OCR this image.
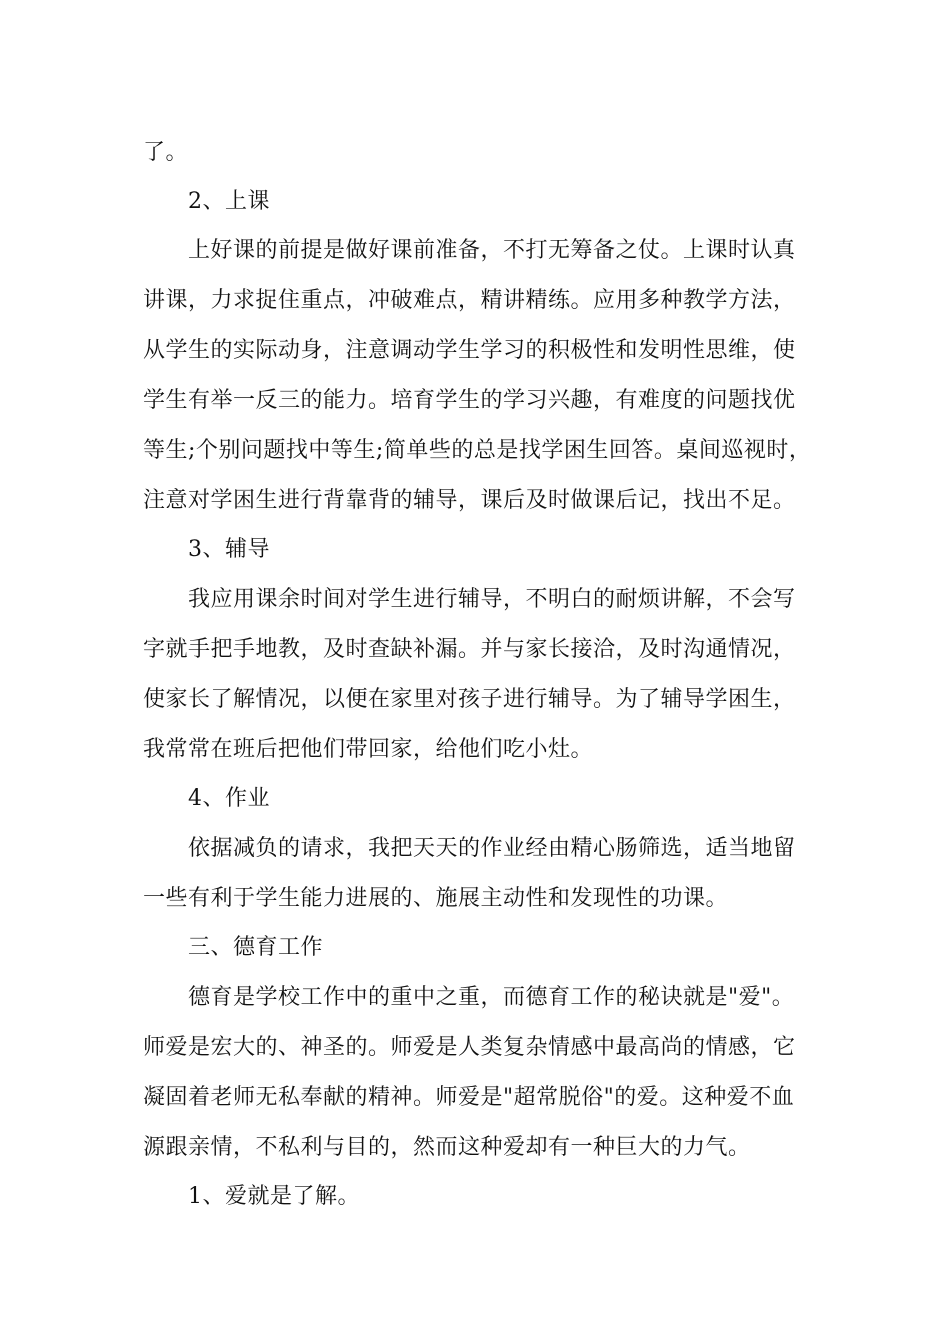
了。
2、上课
上好课的前提是做好课前准备，不打无筹备之仗。上课时认真
讲课，力求捉住重点，冲破难点，精讲精练。应用多种教学方法，
从学生的实际动身，注意调动学生学习的积极性和发明性思维，使
学生有举一反三的能力。培育学生的学习兴趣，有难度的问题找优
等生;个别问题找中等生;简单些的总是找学困生回答。桌间巡视时，
注意对学困生进行背靠背的辅导，课后及时做课后记，找出不足。
3、辅导
我应用课余时间对学生进行辅导，不明白的耐烦讲解，不会写
字就手把手地教，及时查缺补漏。并与家长接洽，及时沟通情况，
使家长了解情况，以便在家里对孩子进行辅导。为了辅导学困生，
我常常在班后把他们带回家，给他们吃小灶。
4、作业
依据减负的请求，我把天天的作业经由精心肠筛选，适当地留
一些有利于学生能力进展的、施展主动性和发现性的功课。
三、德育工作
德育是学校工作中的重中之重，而德育工作的秘诀就是"爱"。
师爱是宏大的、神圣的。师爱是人类复杂情感中最高尚的情感，它
凝固着老师无私奉献的精神。师爱是"超常脱俗"的爱。这种爱不血
源跟亲情，不私利与目的，然而这种爱却有一种巨大的力气。
1、爱就是了解。
